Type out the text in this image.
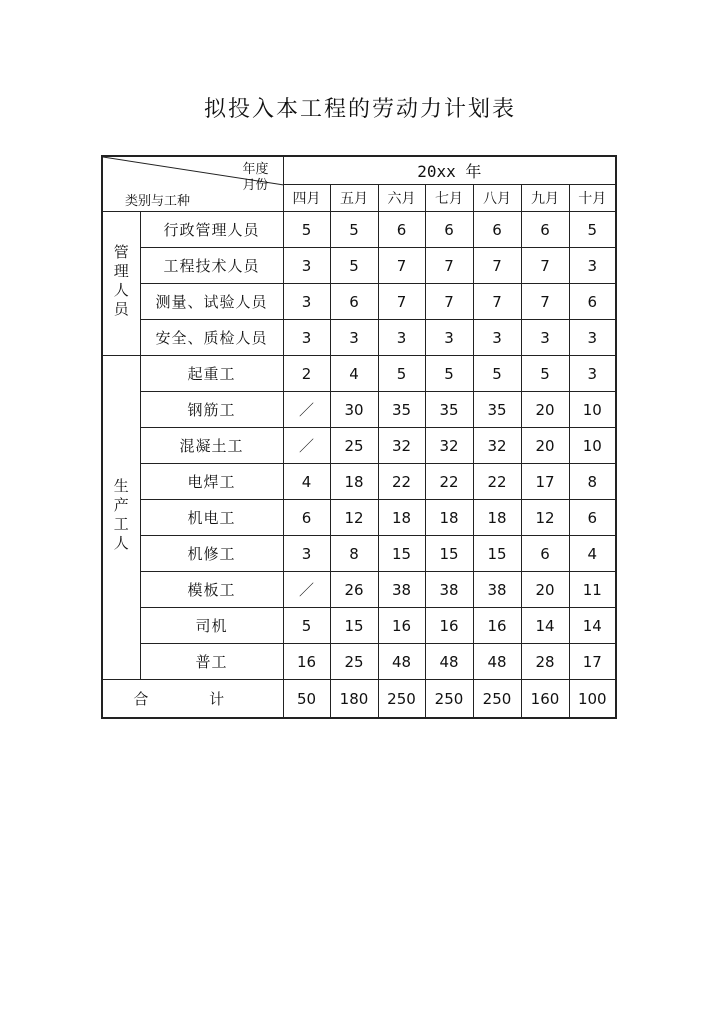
拟投入本工程的劳动力计划表
年度
月份
类别与工种		20xx 年						
		四月	五月	六月	七月	八月	九月	十月
管理人员	行政管理人员	5	5	6	6	6	6	5
	工程技术人员	3	5	7	7	7	7	3
	测量、试验人员	3	6	7	7	7	7	6
	安全、质检人员	3	3	3	3	3	3	3
生产工人	起重工	2	4	5	5	5	5	3
	钢筋工	／	30	35	35	35	20	10
	混凝土工	／	25	32	32	32	20	10
	电焊工	4	18	22	22	22	17	8
	机电工	6	12	18	18	18	12	6
	机修工	3	8	15	15	15	6	4
	模板工	／	26	38	38	38	20	11
	司机	5	15	16	16	16	14	14
	普工	16	25	48	48	48	28	17
合 计		50	180	250	250	250	160	100
